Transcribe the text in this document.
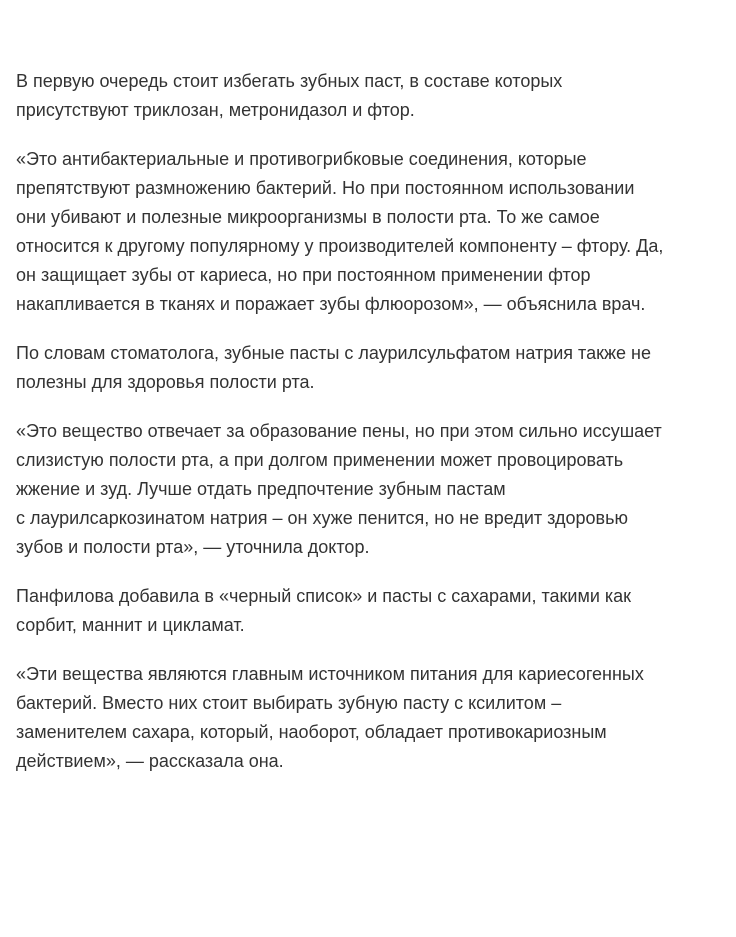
В первую очередь стоит избегать зубных паст, в составе которых
присутствуют триклозан, метронидазол и фтор.

«Это антибактериальные и противогрибковые соединения, которые
препятствуют размножению бактерий. Но при постоянном использовании
они убивают и полезные микроорганизмы в полости рта. То же самое
относится к другому популярному у производителей компоненту – фтору. Да,
он защищает зубы от кариеса, но при постоянном применении фтор
накапливается в тканях и поражает зубы флюорозом», — объяснила врач.

По словам стоматолога, зубные пасты с лаурилсульфатом натрия также не
полезны для здоровья полости рта.

«Это вещество отвечает за образование пены, но при этом сильно иссушает
слизистую полости рта, а при долгом применении может провоцировать
жжение и зуд. Лучше отдать предпочтение зубным пастам
с лаурилсаркозинатом натрия – он хуже пенится, но не вредит здоровью
зубов и полости рта», — уточнила доктор.

Панфилова добавила в «черный список» и пасты с сахарами, такими как
сорбит, маннит и цикламат.

«Эти вещества являются главным источником питания для кариесогенных
бактерий. Вместо них стоит выбирать зубную пасту с ксилитом –
заменителем сахара, который, наоборот, обладает противокариозным
действием», — рассказала она.
